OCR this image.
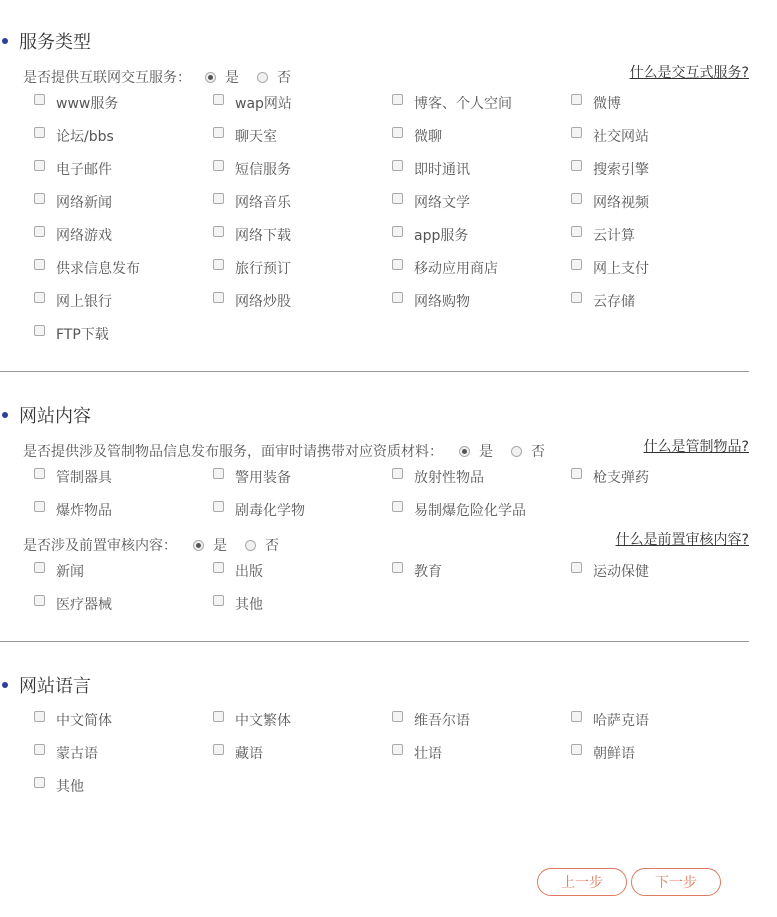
服务类型
是否提供互联网交互服务： 是	否	什么是交互式服务?
www服务	wap网站	博客、个人空间	微博
论坛/bbs	聊天室	微聊	社交网站
电子邮件	短信服务	即时通讯	搜索引擎
网络新闻	网络音乐	网络文学	网络视频
网络游戏	网络下载	app服务	云计算
供求信息发布	旅行预订	移动应用商店	网上支付
网上银行	网络炒股	网络购物	云存储
FTP下载
网站内容
是否提供涉及管制物品信息发布服务，面审时请携带对应资质材料：	是	否	什么是管制物品?
管制器具	警用装备	放射性物品	枪支弹药
爆炸物品	剧毒化学物	易制爆危险化学品
是否涉及前置审核内容：	是	否	什么是前置审核内容?
新闻	出版	教育	运动保健
医疗器械	其他
网站语言
中文简体	中文繁体	维吾尔语	哈萨克语
蒙古语	藏语	壮语	朝鲜语
其他
上一步	下一步
